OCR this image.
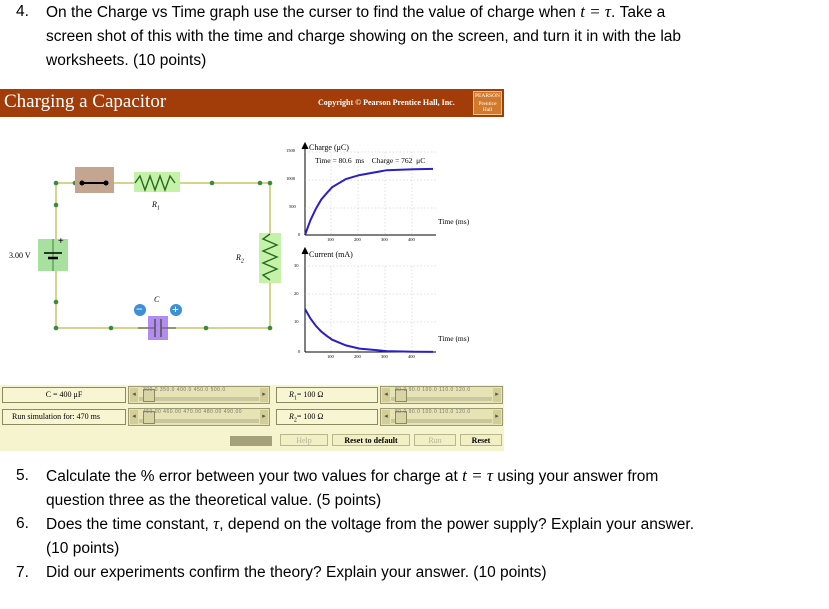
4.	On the Charge vs Time graph use the curser to find the value of charge when t = τ. Take a
screen shot of this with the time and charge showing on the screen, and turn it in with the lab
worksheets. (10 points)
Charging a Capacitor	Copyright © Pearson Prentice Hall, Inc.
PEARSON
Prentice
Hall
3.00 V
+
$R_1$
$R_2$
C
− +
Charge (μC)
Time = 80.6  ms    Charge = 762  μC
Time (ms)
1500
1000
500
0
100	200	300	400
Current (mA)
Time (ms)
30
20
10
0
100	200	300	400
C = 400 μF	◂	▸
300.0 350.0 400.0 450.0 500.0	$R_1= 100$ Ω	◂	▸
80.0 90.0 100.0 110.0 120.0
Run simulation for: 470 ms	◂	▸
450.00 460.00 470.00 480.00 490.00	$R_2= 100$ Ω	◂	▸
80.0 90.0 100.0 110.0 120.0
Help	Reset to default	Run	Reset
5.	Calculate the % error between your two values for charge at t = τ using your answer from
question three as the theoretical value. (5 points)
6.	Does the time constant, τ, depend on the voltage from the power supply? Explain your answer.
(10 points)
7.	Did our experiments confirm the theory? Explain your answer. (10 points)
